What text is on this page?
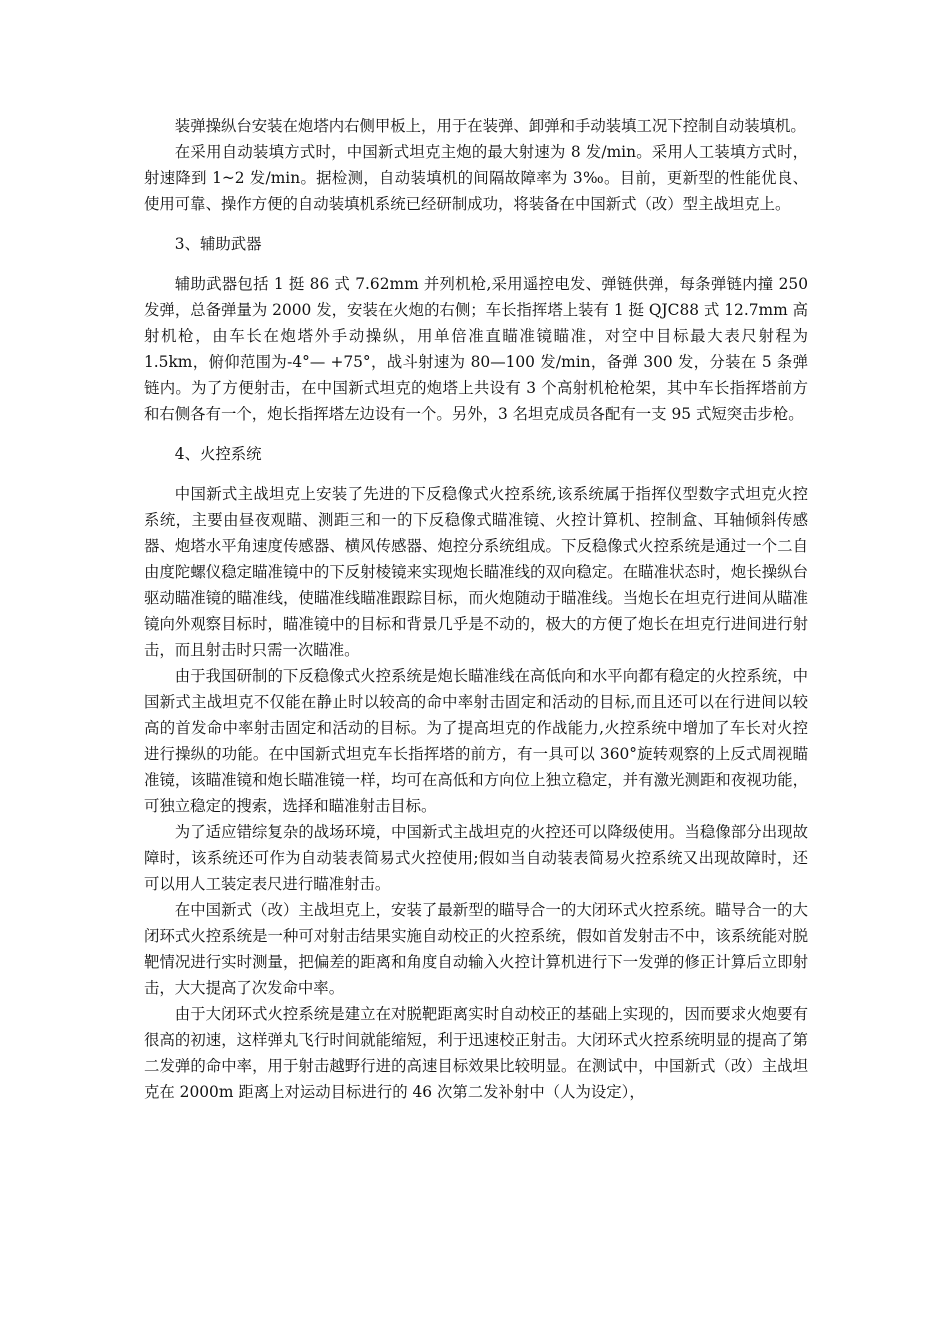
装弹操纵台安装在炮塔内右侧甲板上，用于在装弹、卸弹和手动装填工况下控制自动装填机。

在采用自动装填方式时，中国新式坦克主炮的最大射速为 8 发/min。采用人工装填方式时，射速降到 1~2 发/min。据检测，自动装填机的间隔故障率为 3‰。目前，更新型的性能优良、使用可靠、操作方便的自动装填机系统已经研制成功，将装备在中国新式（改）型主战坦克上。

3、辅助武器

辅助武器包括 1 挺 86 式 7.62mm 并列机枪,采用遥控电发、弹链供弹，每条弹链内撞 250 发弹，总备弹量为 2000 发，安装在火炮的右侧；车长指挥塔上装有 1 挺 QJC88 式 12.7mm 高射机枪，由车长在炮塔外手动操纵，用单倍准直瞄准镜瞄准，对空中目标最大表尺射程为 1.5km，俯仰范围为-4°— +75°，战斗射速为 80—100 发/min，备弹 300 发，分装在 5 条弹链内。为了方便射击，在中国新式坦克的炮塔上共设有 3 个高射机枪枪架，其中车长指挥塔前方和右侧各有一个，炮长指挥塔左边设有一个。另外，3 名坦克成员各配有一支 95 式短突击步枪。

4、火控系统

中国新式主战坦克上安装了先进的下反稳像式火控系统,该系统属于指挥仪型数字式坦克火控系统，主要由昼夜观瞄、测距三和一的下反稳像式瞄准镜、火控计算机、控制盒、耳轴倾斜传感器、炮塔水平角速度传感器、横风传感器、炮控分系统组成。下反稳像式火控系统是通过一个二自由度陀螺仪稳定瞄准镜中的下反射棱镜来实现炮长瞄准线的双向稳定。在瞄准状态时，炮长操纵台驱动瞄准镜的瞄准线，使瞄准线瞄准跟踪目标，而火炮随动于瞄准线。当炮长在坦克行进间从瞄准镜向外观察目标时，瞄准镜中的目标和背景几乎是不动的，极大的方便了炮长在坦克行进间进行射击，而且射击时只需一次瞄准。

由于我国研制的下反稳像式火控系统是炮长瞄准线在高低向和水平向都有稳定的火控系统，中国新式主战坦克不仅能在静止时以较高的命中率射击固定和活动的目标,而且还可以在行进间以较高的首发命中率射击固定和活动的目标。为了提高坦克的作战能力,火控系统中增加了车长对火控进行操纵的功能。在中国新式坦克车长指挥塔的前方，有一具可以 360°旋转观察的上反式周视瞄准镜，该瞄准镜和炮长瞄准镜一样，均可在高低和方向位上独立稳定，并有激光测距和夜视功能，可独立稳定的搜索，选择和瞄准射击目标。

为了适应错综复杂的战场环境，中国新式主战坦克的火控还可以降级使用。当稳像部分出现故障时，该系统还可作为自动装表简易式火控使用;假如当自动装表简易火控系统又出现故障时，还可以用人工装定表尺进行瞄准射击。

在中国新式（改）主战坦克上，安装了最新型的瞄导合一的大闭环式火控系统。瞄导合一的大闭环式火控系统是一种可对射击结果实施自动校正的火控系统，假如首发射击不中，该系统能对脱靶情况进行实时测量，把偏差的距离和角度自动输入火控计算机进行下一发弹的修正计算后立即射击，大大提高了次发命中率。

由于大闭环式火控系统是建立在对脱靶距离实时自动校正的基础上实现的，因而要求火炮要有很高的初速，这样弹丸飞行时间就能缩短，利于迅速校正射击。大闭环式火控系统明显的提高了第二发弹的命中率，用于射击越野行进的高速目标效果比较明显。在测试中，中国新式（改）主战坦克在 2000m 距离上对运动目标进行的 46 次第二发补射中（人为设定），
